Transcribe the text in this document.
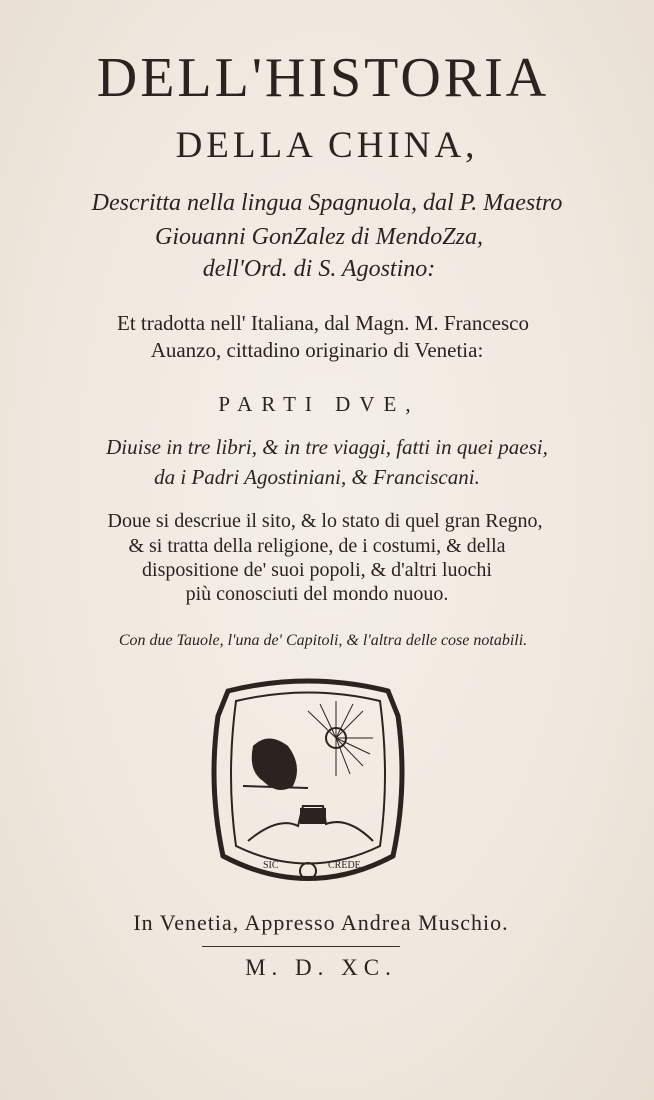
DELL'HISTORIA
DELLA CHINA,
Descritta nella lingua Spagnuola, dal P. Maestro
Giouanni GonZalez di MendoZza,
dell'Ord. di S. Agostino:
Et tradotta nell' Italiana, dal Magn. M. Francesco
Auanzo, cittadino originario di Venetia:
PARTI DVE,
Diuise in tre libri, & in tre viaggi, fatti in quei paesi,
da i Padri Agostiniani, & Franciscani.
Doue si descriue il sito, & lo stato di quel gran Regno,
& si tratta della religione, de i costumi, & della
dispositione de' suoi popoli, & d'altri luochi
più conosciuti del mondo nuouo.
Con due Tauole, l'una de' Capitoli, & l'altra delle cose notabili.
SIC	CREDE
In Venetia, Appresso Andrea Muschio.
M. D. XC.
